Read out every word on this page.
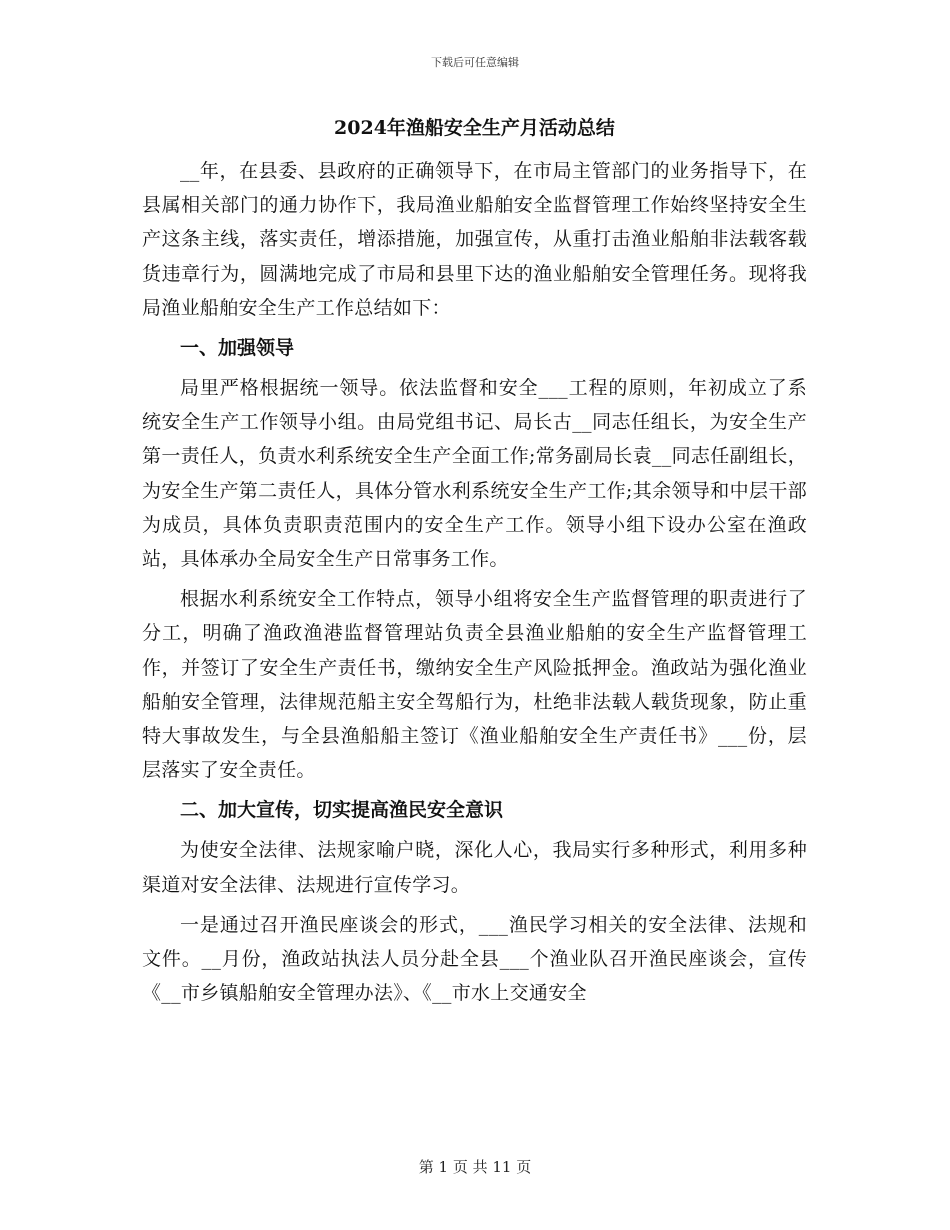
下载后可任意编辑
2024年渔船安全生产月活动总结

__年，在县委、县政府的正确领导下，在市局主管部门的业务指导下，在县属相关部门的通力协作下，我局渔业船舶安全监督管理工作始终坚持安全生产这条主线，落实责任，增添措施，加强宣传，从重打击渔业船舶非法载客载货违章行为，圆满地完成了市局和县里下达的渔业船舶安全管理任务。现将我局渔业船舶安全生产工作总结如下：

一、加强领导

局里严格根据统一领导。依法监督和安全___工程的原则，年初成立了系统安全生产工作领导小组。由局党组书记、局长古__同志任组长，为安全生产第一责任人，负责水利系统安全生产全面工作;常务副局长袁__同志任副组长，为安全生产第二责任人，具体分管水利系统安全生产工作;其余领导和中层干部为成员，具体负责职责范围内的安全生产工作。领导小组下设办公室在渔政站，具体承办全局安全生产日常事务工作。

根据水利系统安全工作特点，领导小组将安全生产监督管理的职责进行了分工，明确了渔政渔港监督管理站负责全县渔业船舶的安全生产监督管理工作，并签订了安全生产责任书，缴纳安全生产风险抵押金。渔政站为强化渔业船舶安全管理，法律规范船主安全驾船行为，杜绝非法载人载货现象，防止重特大事故发生，与全县渔船船主签订《渔业船舶安全生产责任书》___份，层层落实了安全责任。

二、加大宣传，切实提高渔民安全意识

为使安全法律、法规家喻户晓，深化人心，我局实行多种形式，利用多种渠道对安全法律、法规进行宣传学习。

一是通过召开渔民座谈会的形式，___渔民学习相关的安全法律、法规和文件。__月份，渔政站执法人员分赴全县___个渔业队召开渔民座谈会，宣传《__市乡镇船舶安全管理办法》、《__市水上交通安全

第 1 页 共 11 页
